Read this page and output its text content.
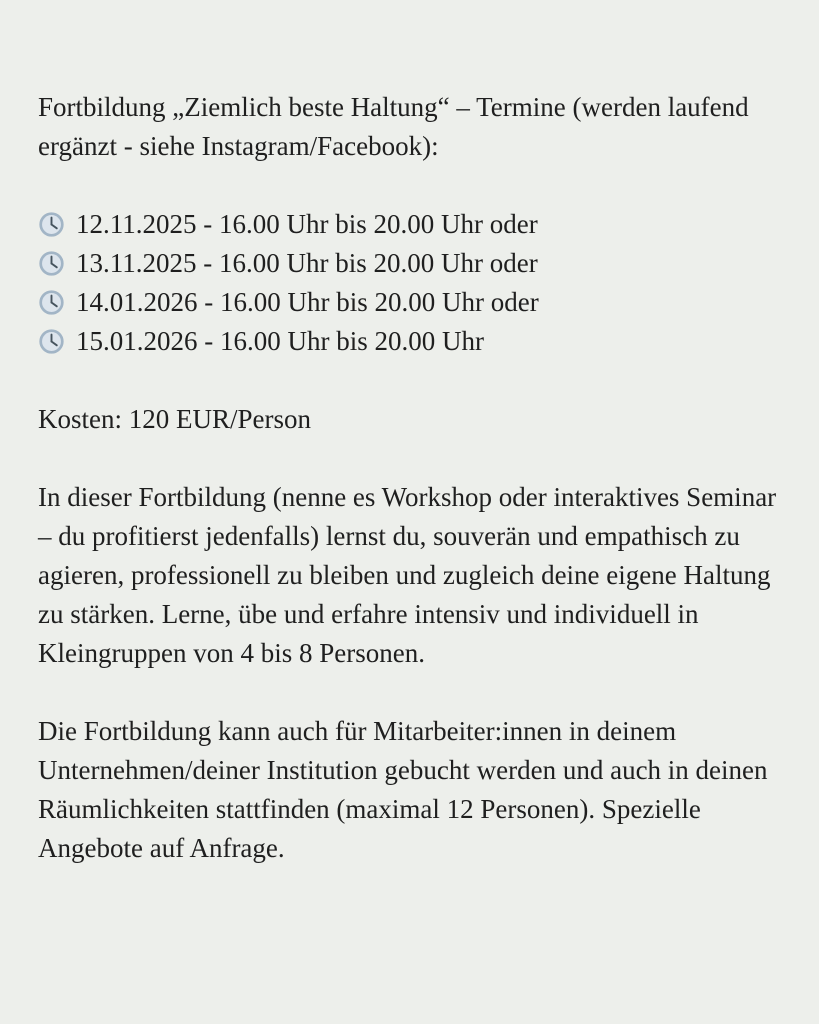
Fortbildung „Ziemlich beste Haltung“ – Termine (werden laufend ergänzt - siehe Instagram/Facebook):

12.11.2025 - 16.00 Uhr bis 20.00 Uhr oder
13.11.2025 - 16.00 Uhr bis 20.00 Uhr oder
14.01.2026 - 16.00 Uhr bis 20.00 Uhr oder
15.01.2026 - 16.00 Uhr bis 20.00 Uhr

Kosten: 120 EUR/Person

In dieser Fortbildung (nenne es Workshop oder interaktives Seminar – du profitierst jedenfalls) lernst du, souverän und empathisch zu agieren, professionell zu bleiben und zugleich deine eigene Haltung zu stärken. Lerne, übe und erfahre intensiv und individuell in Kleingruppen von 4 bis 8 Personen.

Die Fortbildung kann auch für Mitarbeiter:innen in deinem Unternehmen/deiner Institution gebucht werden und auch in deinen Räumlichkeiten stattfinden (maximal 12 Personen). Spezielle Angebote auf Anfrage.
